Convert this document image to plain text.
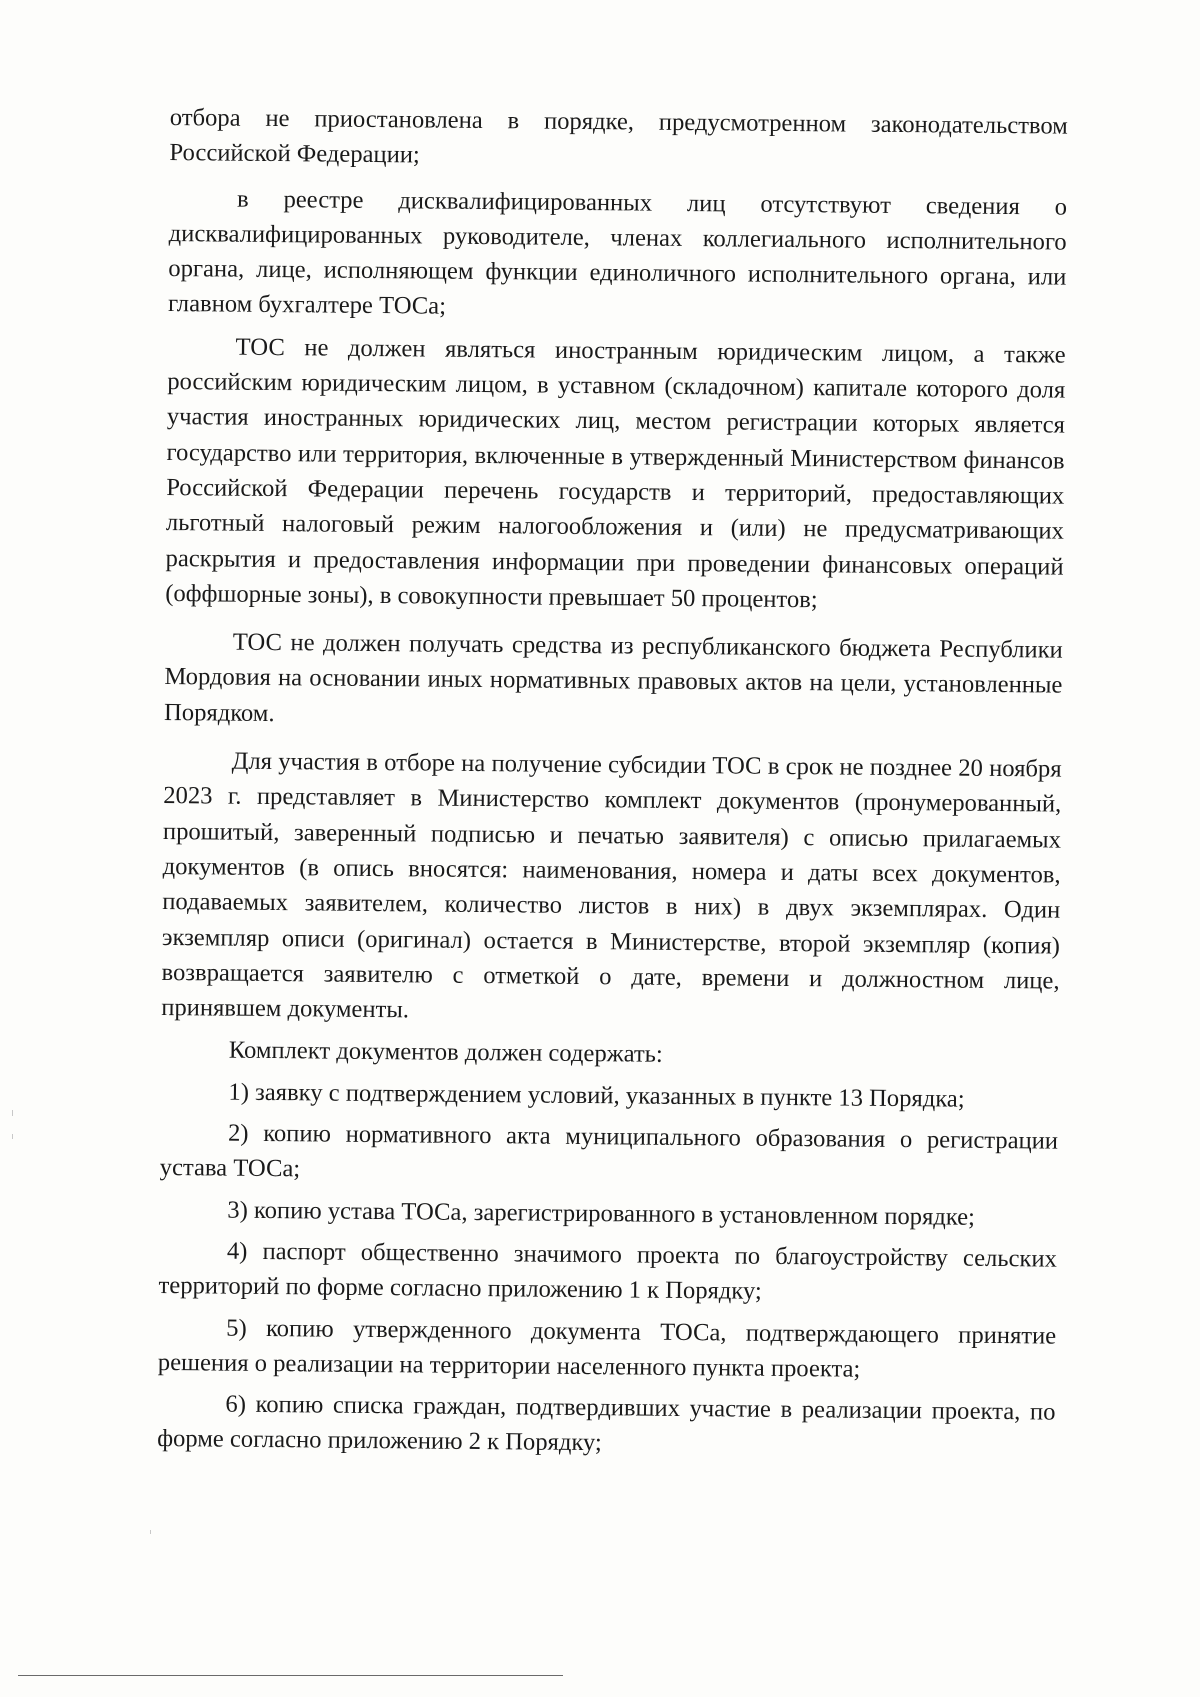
отбора не приостановлена в порядке, предусмотренном законодательством Российской Федерации;

в реестре дисквалифицированных лиц отсутствуют сведения о дисквалифицированных руководителе, членах коллегиального исполнительного органа, лице, исполняющем функции единоличного исполнительного органа, или главном бухгалтере ТОСа;

ТОС не должен являться иностранным юридическим лицом, а также российским юридическим лицом, в уставном (складочном) капитале которого доля участия иностранных юридических лиц, местом регистрации которых является государство или территория, включенные в утвержденный Министерством финансов Российской Федерации перечень государств и территорий, предоставляющих льготный налоговый режим налогообложения и (или) не предусматривающих раскрытия и предоставления информации при проведении финансовых операций (оффшорные зоны), в совокупности превышает 50 процентов;

ТОС не должен получать средства из республиканского бюджета Республики Мордовия на основании иных нормативных правовых актов на цели, установленные Порядком.

Для участия в отборе на получение субсидии ТОС в срок не позднее 20 ноября 2023 г. представляет в Министерство комплект документов (пронумерованный, прошитый, заверенный подписью и печатью заявителя) с описью прилагаемых документов (в опись вносятся: наименования, номера и даты всех документов, подаваемых заявителем, количество листов в них) в двух экземплярах. Один экземпляр описи (оригинал) остается в Министерстве, второй экземпляр (копия) возвращается заявителю с отметкой о дате, времени и должностном лице, принявшем документы.

Комплект документов должен содержать:

1) заявку с подтверждением условий, указанных в пункте 13 Порядка;

2) копию нормативного акта муниципального образования о регистрации устава ТОСа;

3) копию устава ТОСа, зарегистрированного в установленном порядке;

4) паспорт общественно значимого проекта по благоустройству сельских территорий по форме согласно приложению 1 к Порядку;

5) копию утвержденного документа ТОСа, подтверждающего принятие решения о реализации на территории населенного пункта проекта;

6) копию списка граждан, подтвердивших участие в реализации проекта, по форме согласно приложению 2 к Порядку;
